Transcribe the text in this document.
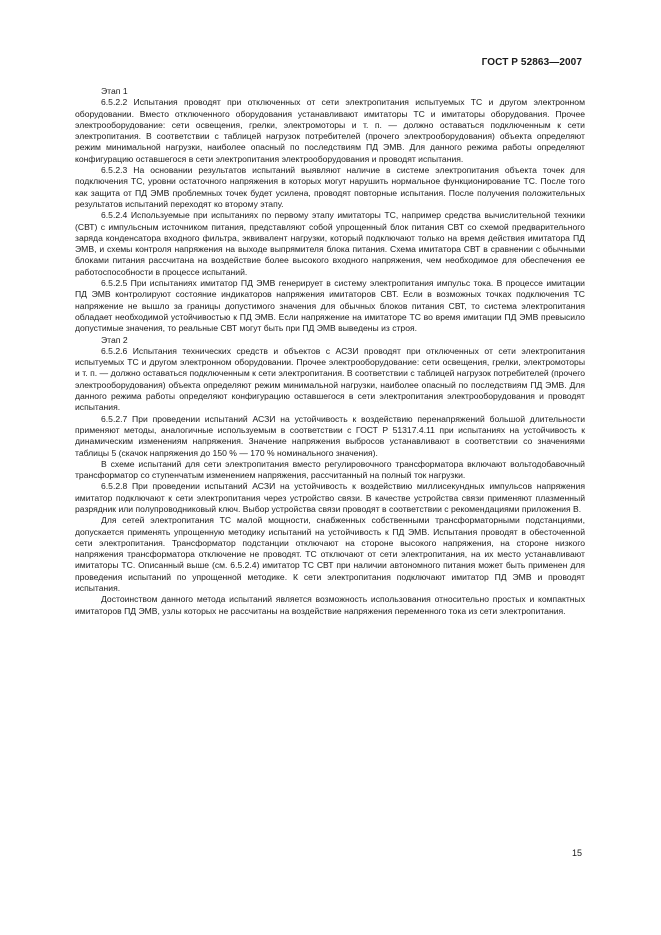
ГОСТ Р 52863—2007

Этап 1

6.5.2.2 Испытания проводят при отключенных от сети электропитания испытуемых ТС и другом электронном оборудовании. Вместо отключенного оборудования устанавливают имитаторы ТС и имитаторы оборудования. Прочее электрооборудование: сети освещения, грелки, электромоторы и т. п. — должно оставаться подключенным к сети электропитания. В соответствии с таблицей нагрузок потребителей (прочего электрооборудования) объекта определяют режим минимальной нагрузки, наиболее опасный по последствиям ПД ЭМВ. Для данного режима работы определяют конфигурацию оставшегося в сети электропитания электрооборудования и проводят испытания.

6.5.2.3 На основании результатов испытаний выявляют наличие в системе электропитания объекта точек для подключения ТС, уровни остаточного напряжения в которых могут нарушить нормальное функционирование ТС. После того как защита от ПД ЭМВ проблемных точек будет усилена, проводят повторные испытания. После получения положительных результатов испытаний переходят ко второму этапу.

6.5.2.4 Используемые при испытаниях по первому этапу имитаторы ТС, например средства вычислительной техники (СВТ) с импульсным источником питания, представляют собой упрощенный блок питания СВТ со схемой предварительного заряда конденсатора входного фильтра, эквивалент нагрузки, который подключают только на время действия имитатора ПД ЭМВ, и схемы контроля напряжения на выходе выпрямителя блока питания. Схема имитатора СВТ в сравнении с обычными блоками питания рассчитана на воздействие более высокого входного напряжения, чем необходимое для обеспечения ее работоспособности в процессе испытаний.

6.5.2.5 При испытаниях имитатор ПД ЭМВ генерирует в систему электропитания импульс тока. В процессе имитации ПД ЭМВ контролируют состояние индикаторов напряжения имитаторов СВТ. Если в возможных точках подключения ТС напряжение не вышло за границы допустимого значения для обычных блоков питания СВТ, то система электропитания обладает необходимой устойчивостью к ПД ЭМВ. Если напряжение на имитаторе ТС во время имитации ПД ЭМВ превысило допустимые значения, то реальные СВТ могут быть при ПД ЭМВ выведены из строя.

Этап 2

6.5.2.6 Испытания технических средств и объектов с АСЗИ проводят при отключенных от сети электропитания испытуемых ТС и другом электронном оборудовании. Прочее электрооборудование: сети освещения, грелки, электромоторы и т. п. — должно оставаться подключенным к сети электропитания. В соответствии с таблицей нагрузок потребителей (прочего электрооборудования) объекта определяют режим минимальной нагрузки, наиболее опасный по последствиям ПД ЭМВ. Для данного режима работы определяют конфигурацию оставшегося в сети электропитания электрооборудования и проводят испытания.

6.5.2.7 При проведении испытаний АСЗИ на устойчивость к воздействию перенапряжений большой длительности применяют методы, аналогичные используемым в соответствии с ГОСТ Р 51317.4.11 при испытаниях на устойчивость к динамическим изменениям напряжения. Значение напряжения выбросов устанавливают в соответствии со значениями таблицы 5 (скачок напряжения до 150 % — 170 % номинального значения).

В схеме испытаний для сети электропитания вместо регулировочного трансформатора включают вольтодобавочный трансформатор со ступенчатым изменением напряжения, рассчитанный на полный ток нагрузки.

6.5.2.8 При проведении испытаний АСЗИ на устойчивость к воздействию миллисекундных импульсов напряжения имитатор подключают к сети электропитания через устройство связи. В качестве устройства связи применяют плазменный разрядник или полупроводниковый ключ. Выбор устройства связи проводят в соответствии с рекомендациями приложения В.

Для сетей электропитания ТС малой мощности, снабженных собственными трансформаторными подстанциями, допускается применять упрощенную методику испытаний на устойчивость к ПД ЭМВ. Испытания проводят в обесточенной сети электропитания. Трансформатор подстанции отключают на стороне высокого напряжения, на стороне низкого напряжения трансформатора отключение не проводят. ТС отключают от сети электропитания, на их место устанавливают имитаторы ТС. Описанный выше (см. 6.5.2.4) имитатор ТС СВТ при наличии автономного питания может быть применен для проведения испытаний по упрощенной методике. К сети электропитания подключают имитатор ПД ЭМВ и проводят испытания.

Достоинством данного метода испытаний является возможность использования относительно простых и компактных имитаторов ПД ЭМВ, узлы которых не рассчитаны на воздействие напряжения переменного тока из сети электропитания.

15
